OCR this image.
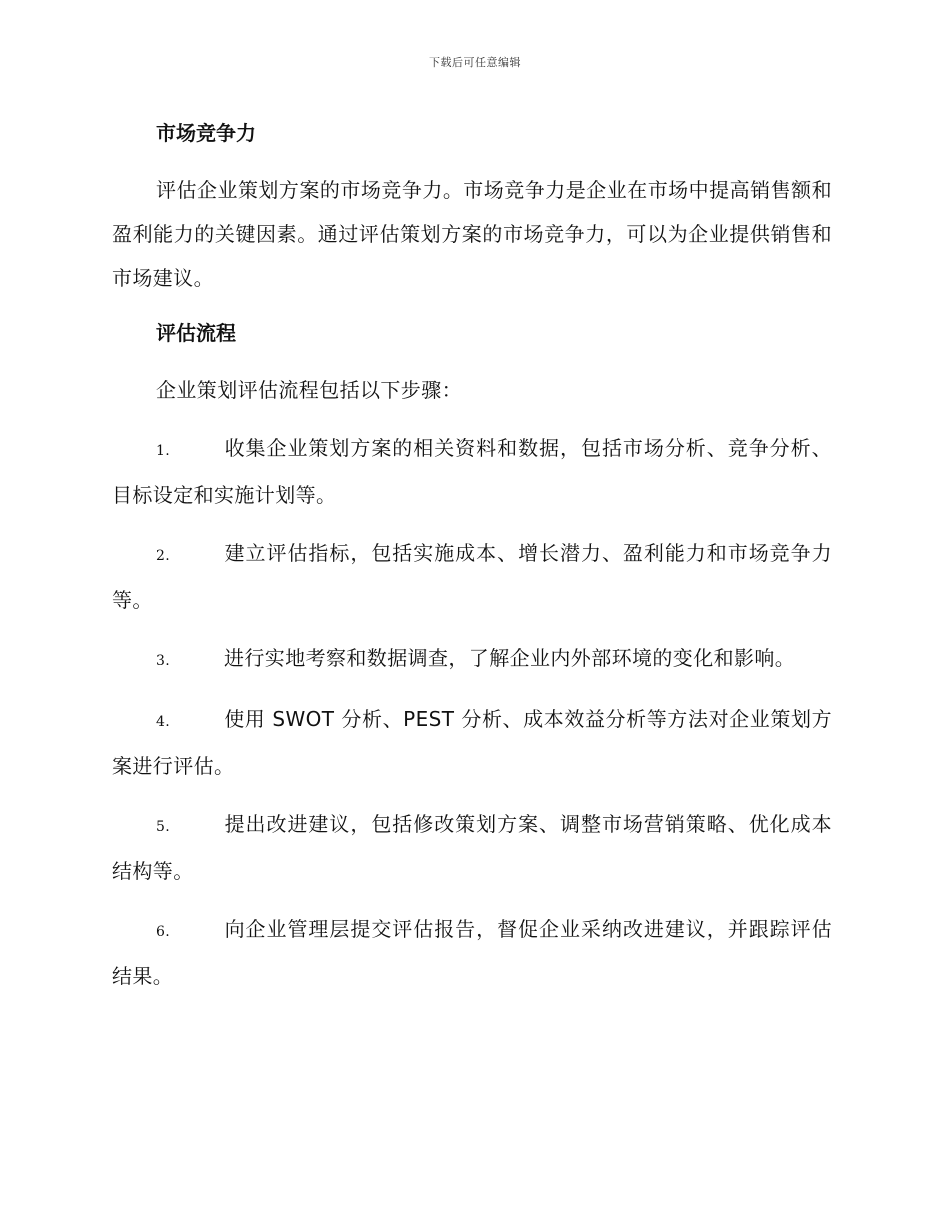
下载后可任意编辑
市场竞争力

评估企业策划方案的市场竞争力。市场竞争力是企业在市场中提高销售额和盈利能力的关键因素。通过评估策划方案的市场竞争力，可以为企业提供销售和市场建议。

评估流程

企业策划评估流程包括以下步骤：

1.	收集企业策划方案的相关资料和数据，包括市场分析、竞争分析、目标设定和实施计划等。

2.	建立评估指标，包括实施成本、增长潜力、盈利能力和市场竞争力等。

3.	进行实地考察和数据调查，了解企业内外部环境的变化和影响。

4.	使用 SWOT 分析、PEST 分析、成本效益分析等方法对企业策划方案进行评估。

5.	提出改进建议，包括修改策划方案、调整市场营销策略、优化成本结构等。

6.	向企业管理层提交评估报告，督促企业采纳改进建议，并跟踪评估结果。
